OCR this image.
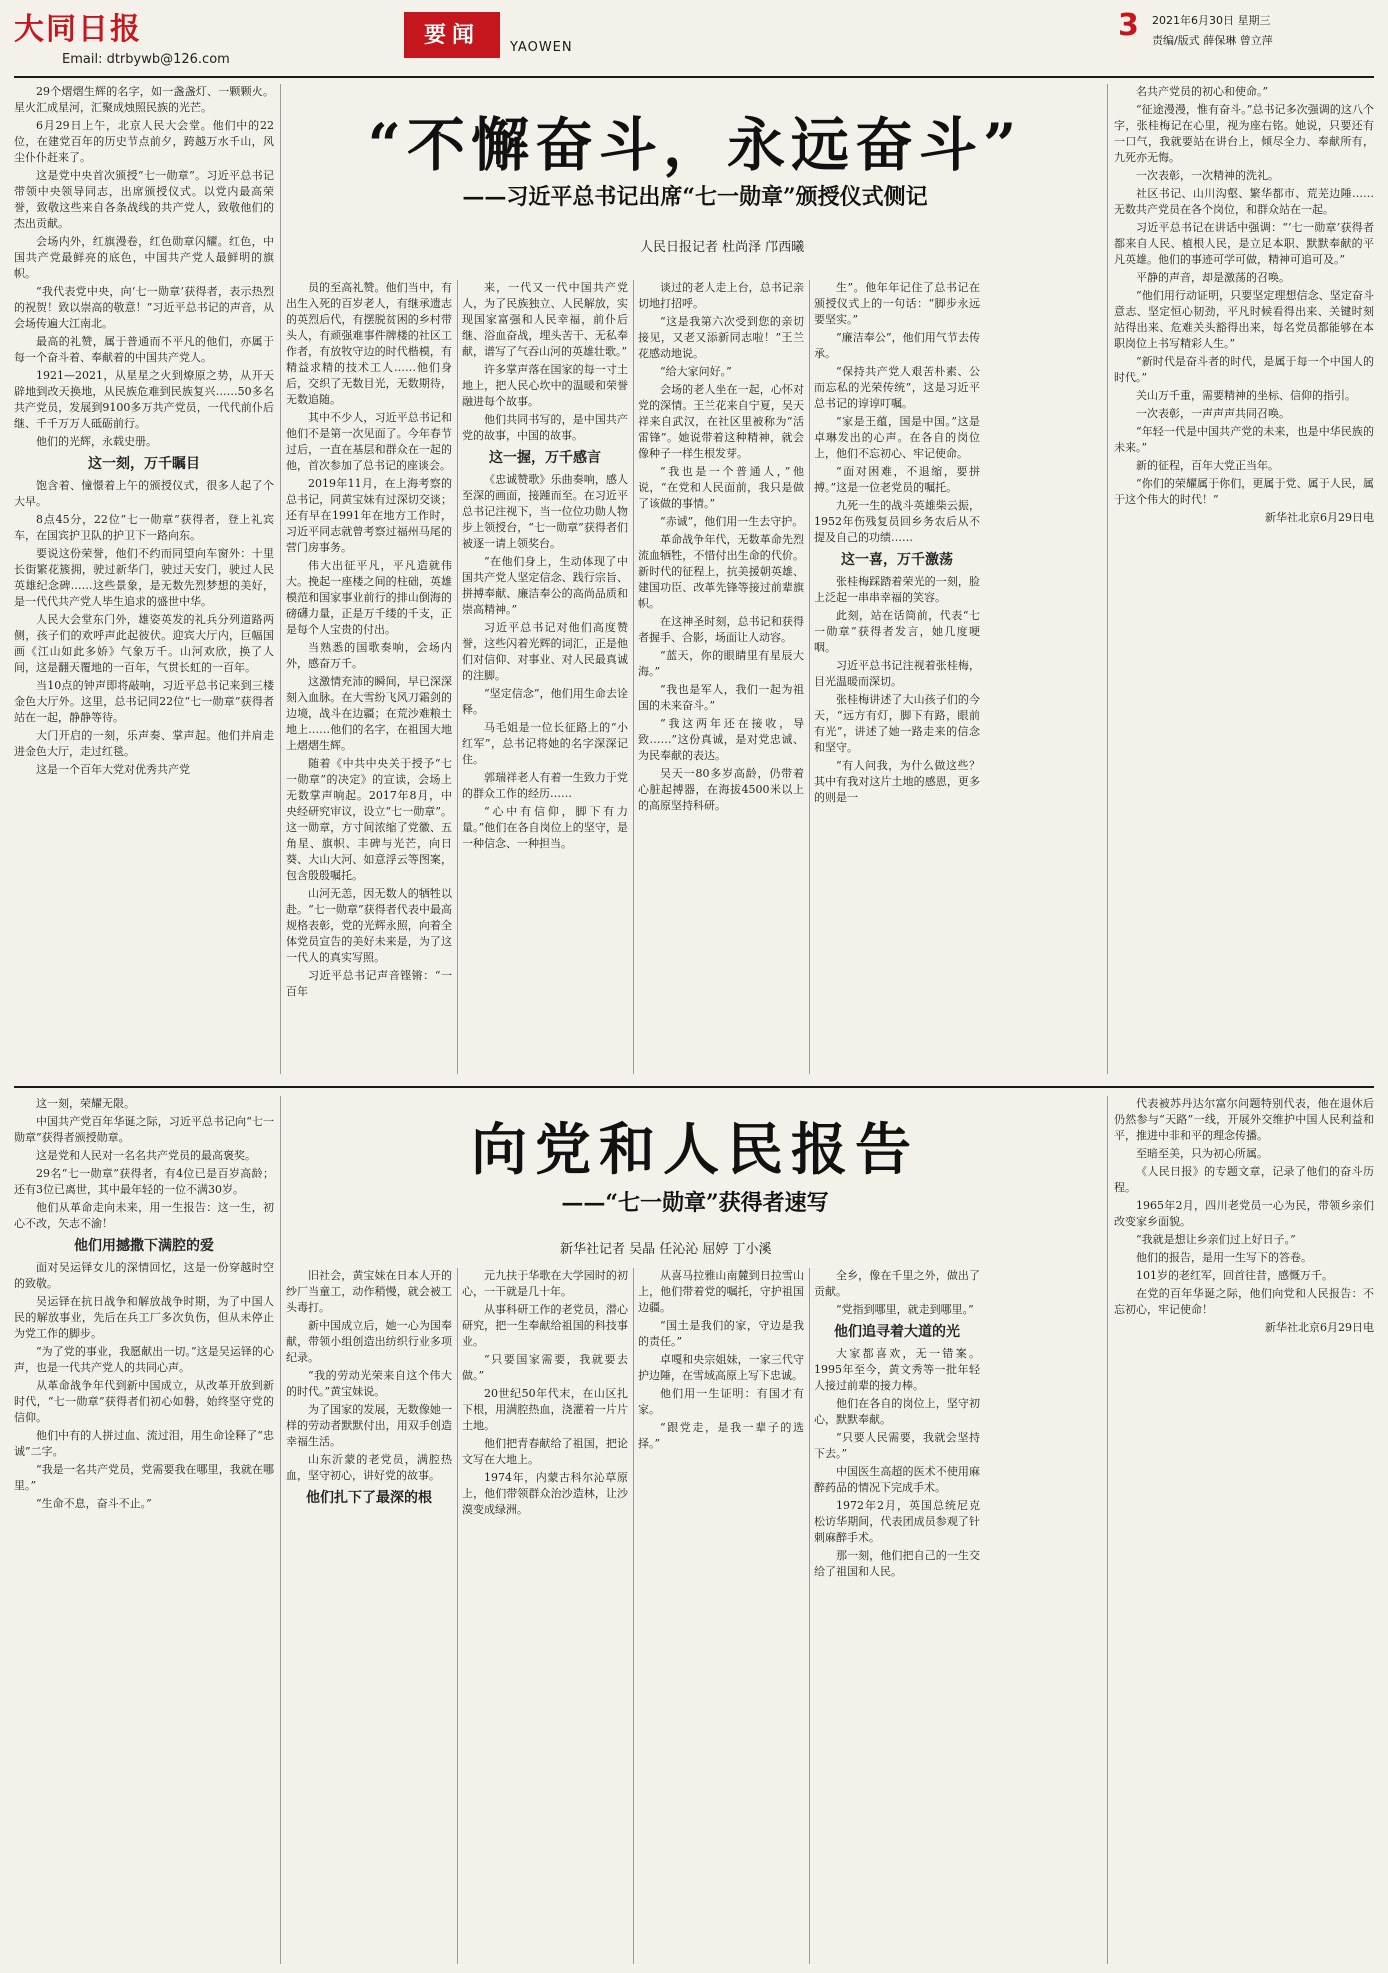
大同日报
Email: dtrbywb@126.com
要闻	YAOWEN
3 2021年6月30日 星期三
责编/版式 薛保琳 曾立萍
“不懈奋斗，永远奋斗”
——习近平总书记出席“七一勋章”颁授仪式侧记
人民日报记者 杜尚泽 邝西曦

29个熠熠生辉的名字，如一盏盏灯、一颗颗火。星火汇成星河，汇聚成烛照民族的光芒。

6月29日上午，北京人民大会堂。他们中的22位，在建党百年的历史节点前夕，跨越万水千山，风尘仆仆赶来了。

这是党中央首次颁授“七一勋章”。习近平总书记带领中央领导同志，出席颁授仪式。以党内最高荣誉，致敬这些来自各条战线的共产党人，致敬他们的杰出贡献。

会场内外，红旗漫卷，红色勋章闪耀。红色，中国共产党最鲜亮的底色，中国共产党人最鲜明的旗帜。

“我代表党中央，向‘七一勋章’获得者，表示热烈的祝贺！致以崇高的敬意！”习近平总书记的声音，从会场传遍大江南北。

最高的礼赞，属于普通而不平凡的他们，亦属于每一个奋斗着、奉献着的中国共产党人。

1921—2021，从星星之火到燎原之势，从开天辟地到改天换地，从民族危难到民族复兴……50多名共产党员，发展到9100多万共产党员，一代代前仆后继、千千万万人砥砺前行。

他们的光辉，永载史册。

这一刻，万千瞩目

饱含着、憧憬着上午的颁授仪式，很多人起了个大早。

8点45分，22位“七一勋章”获得者，登上礼宾车，在国宾护卫队的护卫下一路向东。

要说这份荣誉，他们不约而同望向车窗外：十里长街繁花簇拥，驶过新华门，驶过天安门，驶过人民英雄纪念碑……这些景象，是无数先烈梦想的美好，是一代代共产党人毕生追求的盛世中华。

人民大会堂东门外，雄姿英发的礼兵分列道路两侧，孩子们的欢呼声此起彼伏。迎宾大厅内，巨幅国画《江山如此多娇》气象万千。山河欢欣，换了人间，这是翻天覆地的一百年，气贯长虹的一百年。

当10点的钟声即将敲响，习近平总书记来到三楼金色大厅外。这里，总书记同22位“七一勋章”获得者站在一起，静静等待。

大门开启的一刻，乐声奏、掌声起。他们并肩走进金色大厅，走过红毯。

这是一个百年大党对优秀共产党

员的至高礼赞。他们当中，有出生入死的百岁老人，有继承遗志的英烈后代，有摆脱贫困的乡村带头人，有顽强难事件牌楼的社区工作者，有放牧守边的时代楷模，有精益求精的技术工人……他们身后，交织了无数目光，无数期待，无数追随。

其中不少人，习近平总书记和他们不是第一次见面了。今年春节过后，一直在基层和群众在一起的他，首次参加了总书记的座谈会。

2019年11月，在上海考察的总书记，同黄宝妹有过深切交谈；还有早在1991年在地方工作时，习近平同志就曾考察过福州马尾的营门房事务。

伟大出征平凡，平凡造就伟大。挽起一座楼之间的柱础，英雄模范和国家事业前行的排山倒海的磅礴力量，正是万千缕的千支，正是每个人宝贵的付出。

当熟悉的国歌奏响，会场内外，感奋万千。

这激情充沛的瞬间，早已深深刻入血脉。在大雪纷飞风刀霜剑的边境，战斗在边疆；在荒沙难粮土地上……他们的名字，在祖国大地上熠熠生辉。

随着《中共中央关于授予“七一勋章”的决定》的宣读，会场上无数掌声响起。2017年8月，中央经研究审议，设立“七一勋章”。这一勋章，方寸间浓缩了党徽、五角星、旗帜、丰碑与光芒，向日葵、大山大河、如意浮云等图案，包含殷殷嘱托。

山河无恙，因无数人的牺牲以赴。“七一勋章”获得者代表中最高规格表彰，党的光辉永照，向着全体党员宣告的美好未来是，为了这一代人的真实写照。

习近平总书记声音铿锵：“一百年

来，一代又一代中国共产党人，为了民族独立、人民解放，实现国家富强和人民幸福，前仆后继、浴血奋战，埋头苦干、无私奉献，谱写了气吞山河的英雄壮歌。”

许多掌声落在国家的每一寸土地上，把人民心坎中的温暖和荣誉融进每个故事。

他们共同书写的，是中国共产党的故事，中国的故事。

这一握，万千感言

《忠诚赞歌》乐曲奏响，感人至深的画面，接踵而至。在习近平总书记注视下，当一位位功勋人物步上领授台，“七一勋章”获得者们被逐一请上领奖台。

“在他们身上，生动体现了中国共产党人坚定信念、践行宗旨、拼搏奉献、廉洁奉公的高尚品质和崇高精神。”

习近平总书记对他们高度赞誉，这些闪着光辉的词汇，正是他们对信仰、对事业、对人民最真诚的注脚。

“坚定信念”，他们用生命去诠释。

马毛姐是一位长征路上的“小红军”，总书记将她的名字深深记住。

郭瑞祥老人有着一生致力于党的群众工作的经历……

“心中有信仰，脚下有力量。”他们在各自岗位上的坚守，是一种信念、一种担当。

谈过的老人走上台，总书记亲切地打招呼。

“这是我第六次受到您的亲切接见，又老又添新同志啦！”王兰花感动地说。

“给大家问好。”

会场的老人坐在一起，心怀对党的深情。王兰花来自宁夏，吴天祥来自武汉，在社区里被称为“活雷锋”。她说带着这种精神，就会像种子一样生根发芽。

“我也是一个普通人，”他说，“在党和人民面前，我只是做了该做的事情。”

“赤诚”，他们用一生去守护。

革命战争年代，无数革命先烈流血牺牲，不惜付出生命的代价。新时代的征程上，抗美援朝英雄、建国功臣、改革先锋等接过前辈旗帜。

在这神圣时刻，总书记和获得者握手、合影，场面让人动容。

“蓝天，你的眼睛里有星辰大海。”

“我也是军人，我们一起为祖国的未来奋斗。”

“我这两年还在接收，导致……”这份真诚，是对党忠诚、为民奉献的表达。

吴天一80多岁高龄，仍带着心脏起搏器，在海拔4500米以上的高原坚持科研。

生”。他年年记住了总书记在颁授仪式上的一句话：“脚步永远要坚实。”

“廉洁奉公”，他们用气节去传承。

“保持共产党人艰苦朴素、公而忘私的光荣传统”，这是习近平总书记的谆谆叮嘱。

“家是王蕴，国是中国。”这是卓琳发出的心声。在各自的岗位上，他们不忘初心、牢记使命。

“面对困难，不退缩，要拼搏。”这是一位老党员的嘱托。

九死一生的战斗英雄柴云振，1952年伤残复员回乡务农后从不提及自己的功绩……

这一喜，万千激荡

张桂梅踩踏着荣光的一刻，脸上泛起一串串幸福的笑容。

此刻，站在话筒前，代表“七一勋章”获得者发言，她几度哽咽。

习近平总书记注视着张桂梅，目光温暖而深切。

张桂梅讲述了大山孩子们的今天，“远方有灯，脚下有路，眼前有光”，讲述了她一路走来的信念和坚守。

“有人问我，为什么做这些？其中有我对这片土地的感恩，更多的则是一

名共产党员的初心和使命。”

“征途漫漫，惟有奋斗。”总书记多次强调的这八个字，张桂梅记在心里，视为座右铭。她说，只要还有一口气，我就要站在讲台上，倾尽全力、奉献所有，九死亦无悔。

一次表彰，一次精神的洗礼。

社区书记、山川沟壑、繁华都市、荒芜边陲……无数共产党员在各个岗位，和群众站在一起。

习近平总书记在讲话中强调：“‘七一勋章’获得者都来自人民、植根人民，是立足本职、默默奉献的平凡英雄。他们的事迹可学可做，精神可追可及。”

平静的声音，却是激荡的召唤。

“他们用行动证明，只要坚定理想信念、坚定奋斗意志、坚定恒心韧劲，平凡时候看得出来、关键时刻站得出来、危难关头豁得出来，每名党员都能够在本职岗位上书写精彩人生。”

“新时代是奋斗者的时代，是属于每一个中国人的时代。”

关山万千重，需要精神的坐标、信仰的指引。

一次表彰，一声声声共同召唤。

“年轻一代是中国共产党的未来，也是中华民族的未来。”

新的征程，百年大党正当年。

“你们的荣耀属于你们，更属于党、属于人民，属于这个伟大的时代！”

新华社北京6月29日电

向党和人民报告
——“七一勋章”获得者速写
新华社记者 吴晶 任沁沁 屈婷 丁小溪

这一刻，荣耀无限。

中国共产党百年华诞之际，习近平总书记向“七一勋章”获得者颁授勋章。

这是党和人民对一名名共产党员的最高褒奖。

29名“七一勋章”获得者，有4位已是百岁高龄；还有3位已离世，其中最年轻的一位不满30岁。

他们从革命走向未来，用一生报告：这一生，初心不改，矢志不渝！

他们用撼撒下满腔的爱

面对吴运铎女儿的深情回忆，这是一份穿越时空的致敬。

吴运铎在抗日战争和解放战争时期，为了中国人民的解放事业，先后在兵工厂多次负伤，但从未停止为党工作的脚步。

“为了党的事业，我愿献出一切。”这是吴运铎的心声，也是一代共产党人的共同心声。

从革命战争年代到新中国成立，从改革开放到新时代，“七一勋章”获得者们初心如磐，始终坚守党的信仰。

他们中有的人拼过血、流过泪，用生命诠释了“忠诚”二字。

“我是一名共产党员，党需要我在哪里，我就在哪里。”

“生命不息，奋斗不止。”

旧社会，黄宝妹在日本人开的纱厂当童工，动作稍慢，就会被工头毒打。

新中国成立后，她一心为国奉献，带领小组创造出纺织行业多项纪录。

“我的劳动光荣来自这个伟大的时代。”黄宝妹说。

为了国家的发展，无数像她一样的劳动者默默付出，用双手创造幸福生活。

山东沂蒙的老党员，满腔热血，坚守初心，讲好党的故事。

他们扎下了最深的根

元九扶于华歌在大学园时的初心，一干就是几十年。

从事科研工作的老党员，潜心研究，把一生奉献给祖国的科技事业。

“只要国家需要，我就要去做。”

20世纪50年代末，在山区扎下根，用满腔热血，浇灌着一片片土地。

他们把青春献给了祖国，把论文写在大地上。

1974年，内蒙古科尔沁草原上，他们带领群众治沙造林，让沙漠变成绿洲。

从喜马拉雅山南麓到日拉雪山上，他们带着党的嘱托，守护祖国边疆。

“国土是我们的家，守边是我的责任。”

卓嘎和央宗姐妹，一家三代守护边陲，在雪域高原上写下忠诚。

他们用一生证明：有国才有家。

“跟党走，是我一辈子的选择。”

全乡，像在千里之外，做出了贡献。

“党指到哪里，就走到哪里。”

他们追寻着大道的光

大家都喜欢，无一错案。1995年至今，黄文秀等一批年轻人接过前辈的接力棒。

他们在各自的岗位上，坚守初心，默默奉献。

“只要人民需要，我就会坚持下去。”

中国医生高超的医术不使用麻醉药品的情况下完成手术。

1972年2月，英国总统尼克松访华期间，代表团成员参观了针刺麻醉手术。

那一刻，他们把自己的一生交给了祖国和人民。

代表被苏丹达尔富尔问题特别代表，他在退休后仍然参与“天路”一线，开展外交维护中国人民利益和平，推进中非和平的理念传播。

至暗至美，只为初心所属。

《人民日报》的专题文章，记录了他们的奋斗历程。

1965年2月，四川老党员一心为民，带领乡亲们改变家乡面貌。

“我就是想让乡亲们过上好日子。”

他们的报告，是用一生写下的答卷。

101岁的老红军，回首往昔，感慨万千。

在党的百年华诞之际，他们向党和人民报告：不忘初心，牢记使命！

新华社北京6月29日电
